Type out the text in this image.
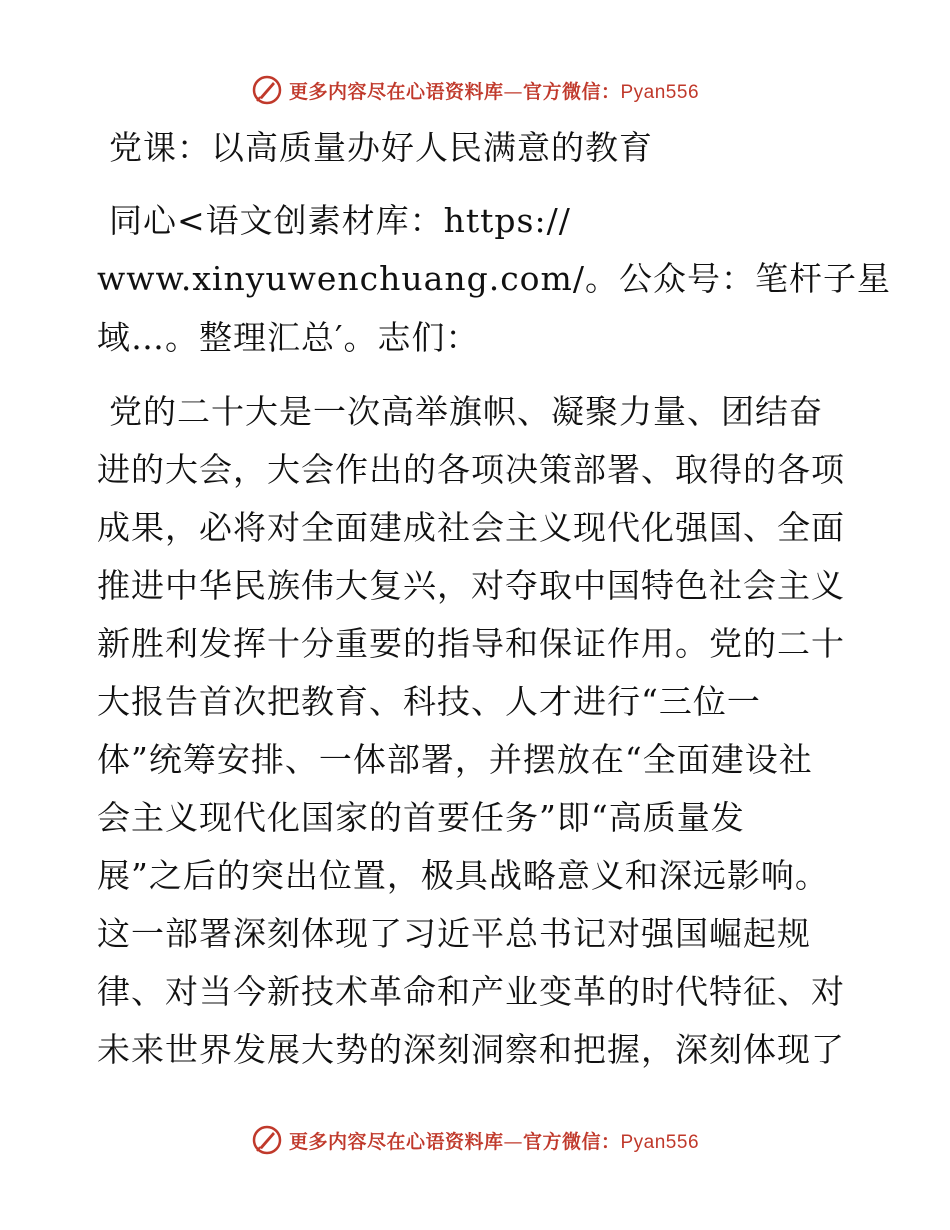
更多内容尽在心语资料库—官方微信：Pyan556
党课：以高质量办好人民满意的教育
同心<语文创素材库：https://
www.xinyuwenchuang.com/。公众号：笔杆子星
域…。整理汇总′。志们：
党的二十大是一次高举旗帜、凝聚力量、团结奋
进的大会，大会作出的各项决策部署、取得的各项
成果，必将对全面建成社会主义现代化强国、全面
推进中华民族伟大复兴，对夺取中国特色社会主义
新胜利发挥十分重要的指导和保证作用。党的二十
大报告首次把教育、科技、人才进行“三位一
体”统筹安排、一体部署，并摆放在“全面建设社
会主义现代化国家的首要任务”即“高质量发
展”之后的突出位置，极具战略意义和深远影响。
这一部署深刻体现了习近平总书记对强国崛起规
律、对当今新技术革命和产业变革的时代特征、对
未来世界发展大势的深刻洞察和把握，深刻体现了
更多内容尽在心语资料库—官方微信：Pyan556
